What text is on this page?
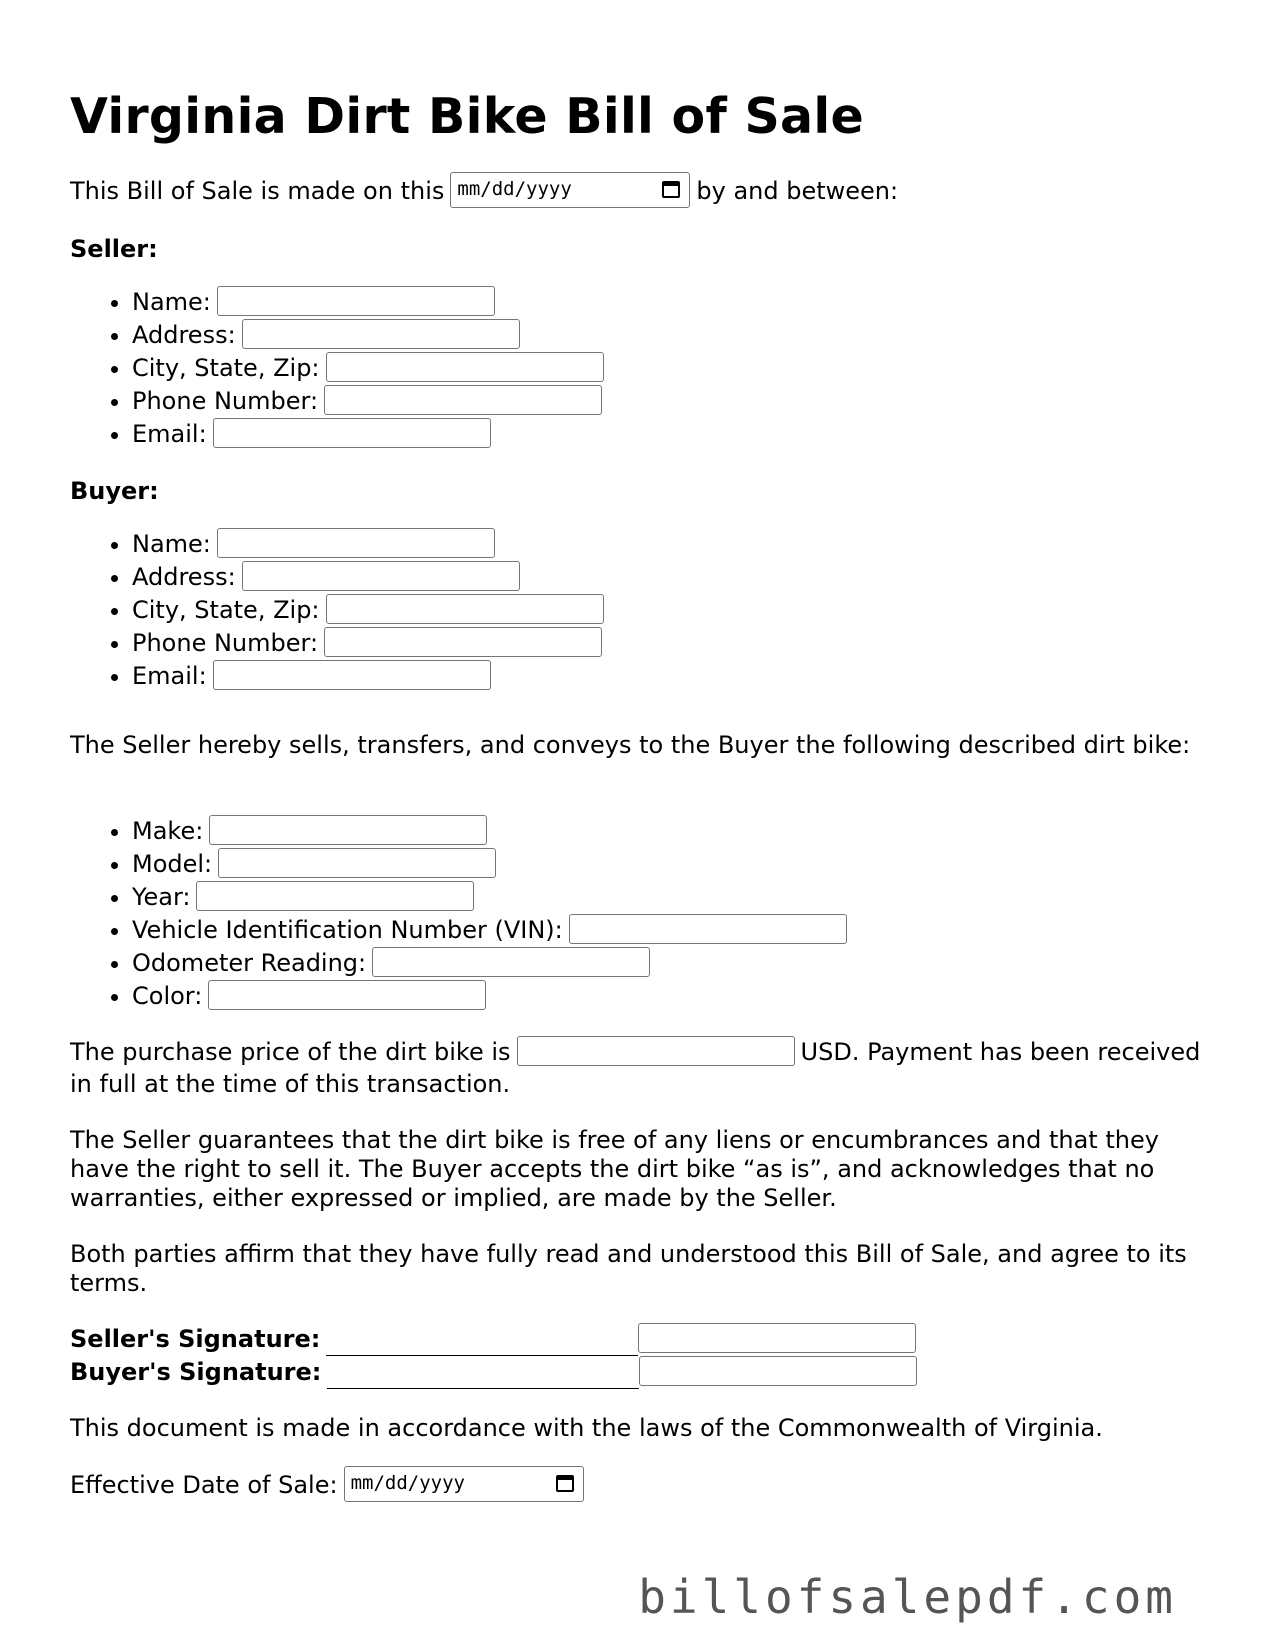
Virginia Dirt Bike Bill of Sale
This Bill of Sale is made on this mm/dd/yyyy	by and between:
Seller:
• Name:
• Address:
• City, State, Zip:
• Phone Number:
• Email:
Buyer:
• Name:
• Address:
• City, State, Zip:
• Phone Number:
• Email:
The Seller hereby sells, transfers, and conveys to the Buyer the following described dirt bike:
• Make:
• Model:
• Year:
• Vehicle Identification Number (VIN):
• Odometer Reading:
• Color:
The purchase price of the dirt bike is	USD. Payment has been received in full at the time of this transaction.
The Seller guarantees that the dirt bike is free of any liens or encumbrances and that they have the right to sell it. The Buyer accepts the dirt bike “as is”, and acknowledges that no warranties, either expressed or implied, are made by the Seller.
Both parties affirm that they have fully read and understood this Bill of Sale, and agree to its terms.
Seller's Signature:
Buyer's Signature:
This document is made in accordance with the laws of the Commonwealth of Virginia.
Effective Date of Sale: mm/dd/yyyy
billofsalepdf.com
